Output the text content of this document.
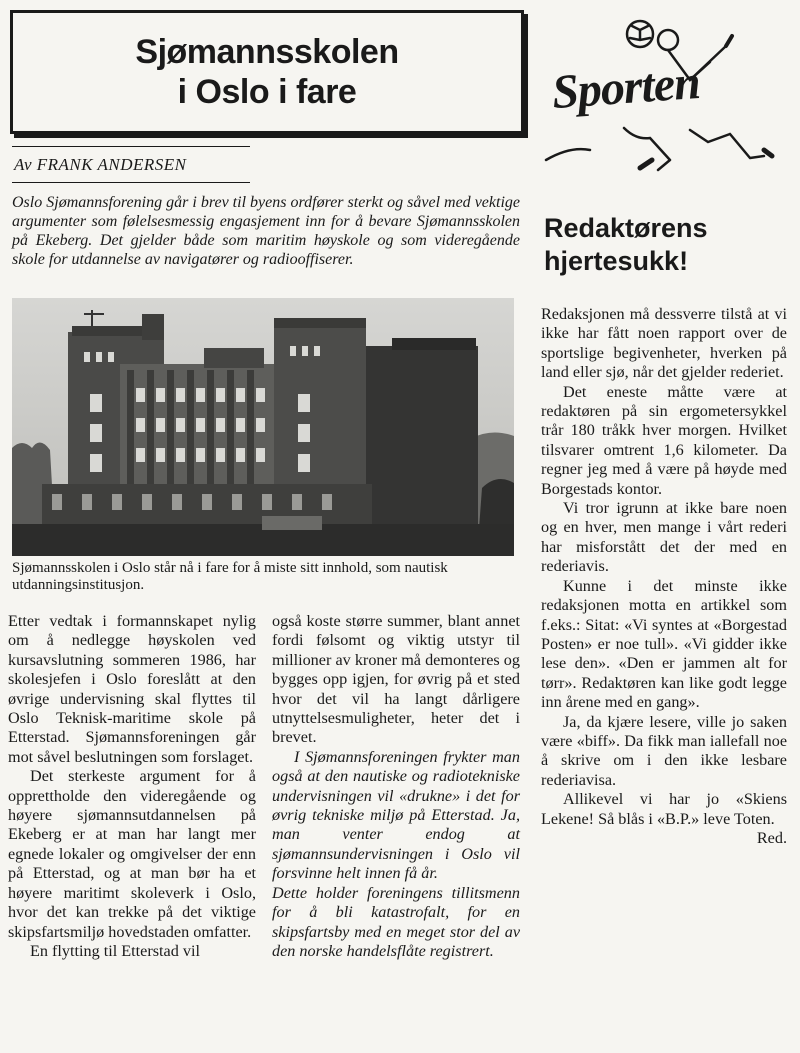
Sjømannsskolen
i Oslo i fare
Av FRANK ANDERSEN
Oslo Sjømannsforening går i brev til byens ordfører sterkt og såvel med vektige argumenter som følelsesmessig engasjement inn for å bevare Sjømannsskolen på Ekeberg. Det gjelder både som maritim høyskole og som videregående skole for utdannelse av navigatører og radiooffiserer.
Sjømannsskolen i Oslo står nå i fare for å miste sitt innhold, som nautisk utdanningsinstitusjon.

Etter vedtak i formannskapet nylig om å nedlegge høyskolen ved kursavslutning sommeren 1986, har skolesjefen i Oslo foreslått at den øvrige undervisning skal flyttes til Oslo Teknisk-maritime skole på Etterstad. Sjømannsforeningen går mot såvel beslutningen som forslaget.

Det sterkeste argument for å opprettholde den videregående og høyere sjømannsutdannelsen på Ekeberg er at man har langt mer egnede lokaler og omgivelser der enn på Etterstad, og at man bør ha et høyere maritimt skoleverk i Oslo, hvor det kan trekke på det viktige skipsfartsmiljø hovedstaden omfatter.

En flytting til Etterstad vil

også koste større summer, blant annet fordi følsomt og viktig utstyr til millioner av kroner må demonteres og bygges opp igjen, for øvrig på et sted hvor det vil ha langt dårligere utnyttelsesmuligheter, heter det i brevet.

I Sjømannsforeningen frykter man også at den nautiske og radiotekniske undervisningen vil «drukne» i det for øvrig tekniske miljø på Etterstad. Ja, man venter endog at sjømannsundervisningen i Oslo vil forsvinne helt innen få år.

Dette holder foreningens tillitsmenn for å bli katastrofalt, for en skipsfartsby med en meget stor del av den norske handelsflåte registrert.

Sporten
Redaktørens
hjertesukk!

Redaksjonen må dessverre tilstå at vi ikke har fått noen rapport over de sportslige begivenheter, hverken på land eller sjø, når det gjelder rederiet.

Det eneste måtte være at redaktøren på sin ergometersykkel trår 180 tråkk hver morgen. Hvilket tilsvarer omtrent 1,6 kilometer. Da regner jeg med å være på høyde med Borgestads kontor.

Vi tror igrunn at ikke bare noen og en hver, men mange i vårt rederi har misforstått det der med en rederiavis.

Kunne i det minste ikke redaksjonen motta en artikkel som f.eks.: Sitat: «Vi syntes at «Borgestad Posten» er noe tull». «Vi gidder ikke lese den». «Den er jammen alt for tørr». Redaktøren kan like godt legge inn årene med en gang».

Ja, da kjære lesere, ville jo saken være «biff». Da fikk man iallefall noe å skrive om i den ikke lesbare rederiavisa.

Allikevel vi har jo «Skiens Lekene! Så blås i «B.P.» leve Toten.

Red.
